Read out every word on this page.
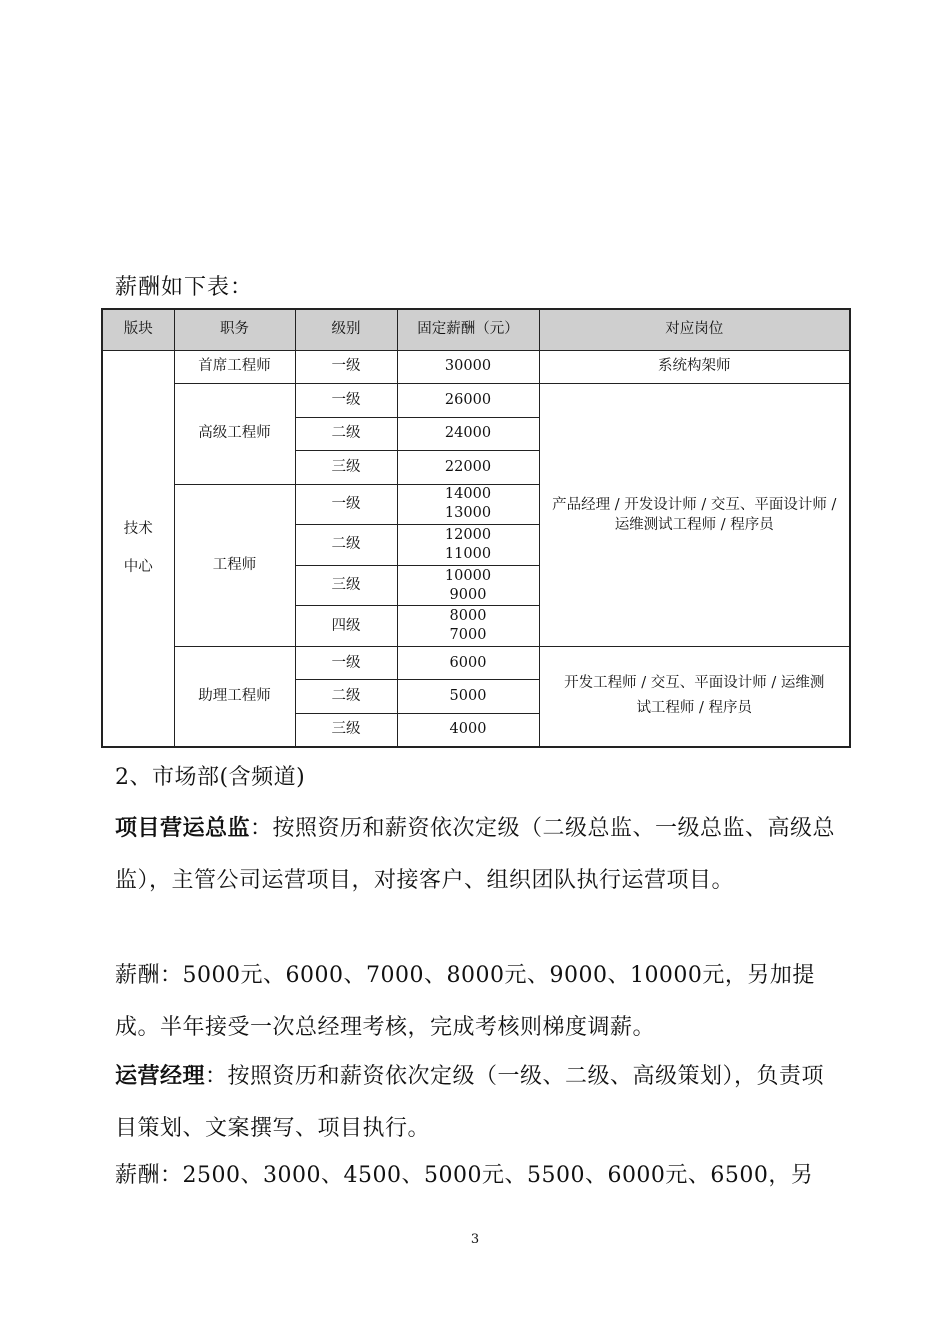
薪酬如下表：
版块	职务	级别	固定薪酬（元）	对应岗位
技术
中心	首席工程师	一级	30000	系统构架师
	高级工程师	一级	26000	产品经理 / 开发设计师 / 交互、平面设计师 / 运维测试工程师 / 程序员
		二级	24000	
		三级	22000	
	工程师	一级	14000
13000	
		二级	12000
11000	
		三级	10000
9000	
		四级	8000
7000	
	助理工程师	一级	6000	开发工程师 / 交互、平面设计师 / 运维测试工程师 / 程序员
		二级	5000	
		三级	4000	
2、市场部(含频道)
项目营运总监：按照资历和薪资依次定级（二级总监、一级总监、高级总监），主管公司运营项目，对接客户、组织团队执行运营项目。
薪酬：5000元、6000、7000、8000元、9000、10000元，另加提成。半年接受一次总经理考核，完成考核则梯度调薪。
运营经理：按照资历和薪资依次定级（一级、二级、高级策划），负责项目策划、文案撰写、项目执行。
薪酬：2500、3000、4500、5000元、5500、6000元、6500，另
3
